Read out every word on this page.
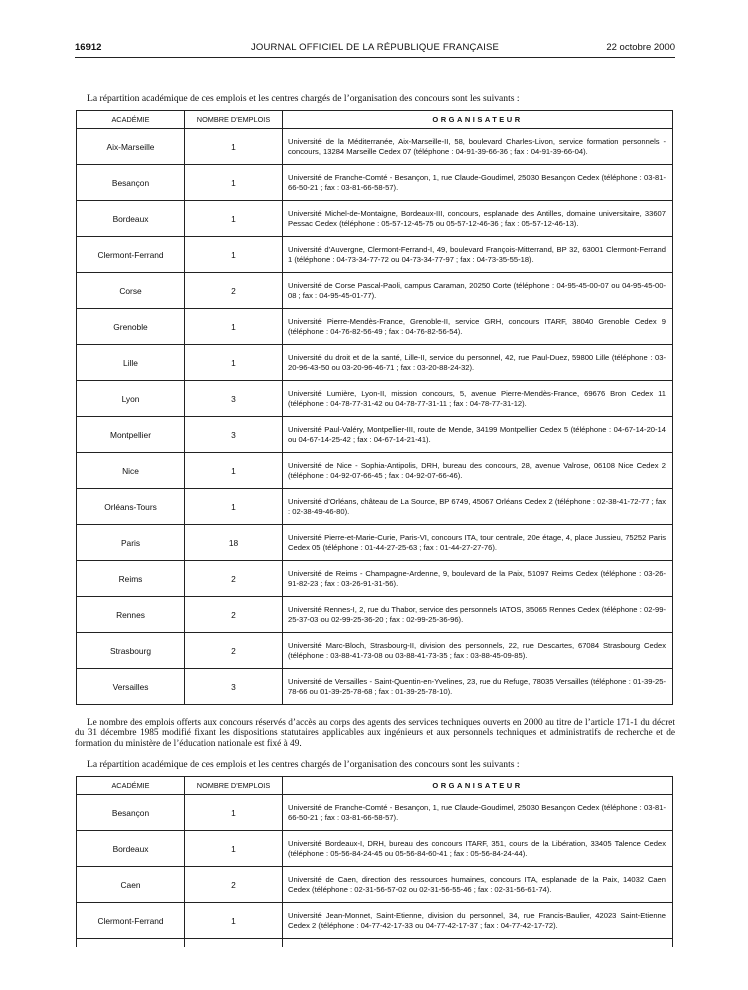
16912	JOURNAL OFFICIEL DE LA RÉPUBLIQUE FRANÇAISE	22 octobre 2000
La répartition académique de ces emplois et les centres chargés de l’organisation des concours sont les suivants :
ACADÉMIE	NOMBRE D’EMPLOIS	ORGANISATEUR
Aix-Marseille	1	Université de la Méditerranée, Aix-Marseille-II, 58, boulevard Charles-Livon, service formation personnels - concours, 13284 Marseille Cedex 07 (téléphone : 04-91-39-66-36 ; fax : 04-91-39-66-04).
Besançon	1	Université de Franche-Comté - Besançon, 1, rue Claude-Goudimel, 25030 Besançon Cedex (téléphone : 03-81-66-50-21 ; fax : 03-81-66-58-57).
Bordeaux	1	Université Michel-de-Montaigne, Bordeaux-III, concours, esplanade des Antilles, domaine universitaire, 33607 Pessac Cedex (téléphone : 05-57-12-45-75 ou 05-57-12-46-36 ; fax : 05-57-12-46-13).
Clermont-Ferrand	1	Université d’Auvergne, Clermont-Ferrand-I, 49, boulevard François-Mitterrand, BP 32, 63001 Clermont-Ferrand 1 (téléphone : 04-73-34-77-72 ou 04-73-34-77-97 ; fax : 04-73-35-55-18).
Corse	2	Université de Corse Pascal-Paoli, campus Caraman, 20250 Corte (téléphone : 04-95-45-00-07 ou 04-95-45-00-08 ; fax : 04-95-45-01-77).
Grenoble	1	Université Pierre-Mendès-France, Grenoble-II, service GRH, concours ITARF, 38040 Grenoble Cedex 9 (téléphone : 04-76-82-56-49 ; fax : 04-76-82-56-54).
Lille	1	Université du droit et de la santé, Lille-II, service du personnel, 42, rue Paul-Duez, 59800 Lille (téléphone : 03-20-96-43-50 ou 03-20-96-46-71 ; fax : 03-20-88-24-32).
Lyon	3	Université Lumière, Lyon-II, mission concours, 5, avenue Pierre-Mendès-France, 69676 Bron Cedex 11 (téléphone : 04-78-77-31-42 ou 04-78-77-31-11 ; fax : 04-78-77-31-12).
Montpellier	3	Université Paul-Valéry, Montpellier-III, route de Mende, 34199 Montpellier Cedex 5 (téléphone : 04-67-14-20-14 ou 04-67-14-25-42 ; fax : 04-67-14-21-41).
Nice	1	Université de Nice - Sophia-Antipolis, DRH, bureau des concours, 28, avenue Valrose, 06108 Nice Cedex 2 (téléphone : 04-92-07-66-45 ; fax : 04-92-07-66-46).
Orléans-Tours	1	Université d’Orléans, château de La Source, BP 6749, 45067 Orléans Cedex 2 (téléphone : 02-38-41-72-77 ; fax : 02-38-49-46-80).
Paris	18	Université Pierre-et-Marie-Curie, Paris-VI, concours ITA, tour centrale, 20e étage, 4, place Jussieu, 75252 Paris Cedex 05 (téléphone : 01-44-27-25-63 ; fax : 01-44-27-27-76).
Reims	2	Université de Reims - Champagne-Ardenne, 9, boulevard de la Paix, 51097 Reims Cedex (téléphone : 03-26-91-82-23 ; fax : 03-26-91-31-56).
Rennes	2	Université Rennes-I, 2, rue du Thabor, service des personnels IATOS, 35065 Rennes Cedex (téléphone : 02-99-25-37-03 ou 02-99-25-36-20 ; fax : 02-99-25-36-96).
Strasbourg	2	Université Marc-Bloch, Strasbourg-II, division des personnels, 22, rue Descartes, 67084 Strasbourg Cedex (téléphone : 03-88-41-73-08 ou 03-88-41-73-35 ; fax : 03-88-45-09-85).
Versailles	3	Université de Versailles - Saint-Quentin-en-Yvelines, 23, rue du Refuge, 78035 Versailles (téléphone : 01-39-25-78-66 ou 01-39-25-78-68 ; fax : 01-39-25-78-10).
Le nombre des emplois offerts aux concours réservés d’accès au corps des agents des services techniques ouverts en 2000 au titre de l’article 171-1 du décret du 31 décembre 1985 modifié fixant les dispositions statutaires applicables aux ingénieurs et aux personnels techniques et administratifs de recherche et de formation du ministère de l’éducation nationale est fixé à 49.
La répartition académique de ces emplois et les centres chargés de l’organisation des concours sont les suivants :
ACADÉMIE	NOMBRE D’EMPLOIS	ORGANISATEUR
Besançon	1	Université de Franche-Comté - Besançon, 1, rue Claude-Goudimel, 25030 Besançon Cedex (téléphone : 03-81-66-50-21 ; fax : 03-81-66-58-57).
Bordeaux	1	Université Bordeaux-I, DRH, bureau des concours ITARF, 351, cours de la Libération, 33405 Talence Cedex (téléphone : 05-56-84-24-45 ou 05-56-84-60-41 ; fax : 05-56-84-24-44).
Caen	2	Université de Caen, direction des ressources humaines, concours ITA, esplanade de la Paix, 14032 Caen Cedex (téléphone : 02-31-56-57-02 ou 02-31-56-55-46 ; fax : 02-31-56-61-74).
Clermont-Ferrand	1	Université Jean-Monnet, Saint-Etienne, division du personnel, 34, rue Francis-Baulier, 42023 Saint-Etienne Cedex 2 (téléphone : 04-77-42-17-33 ou 04-77-42-17-37 ; fax : 04-77-42-17-72).
